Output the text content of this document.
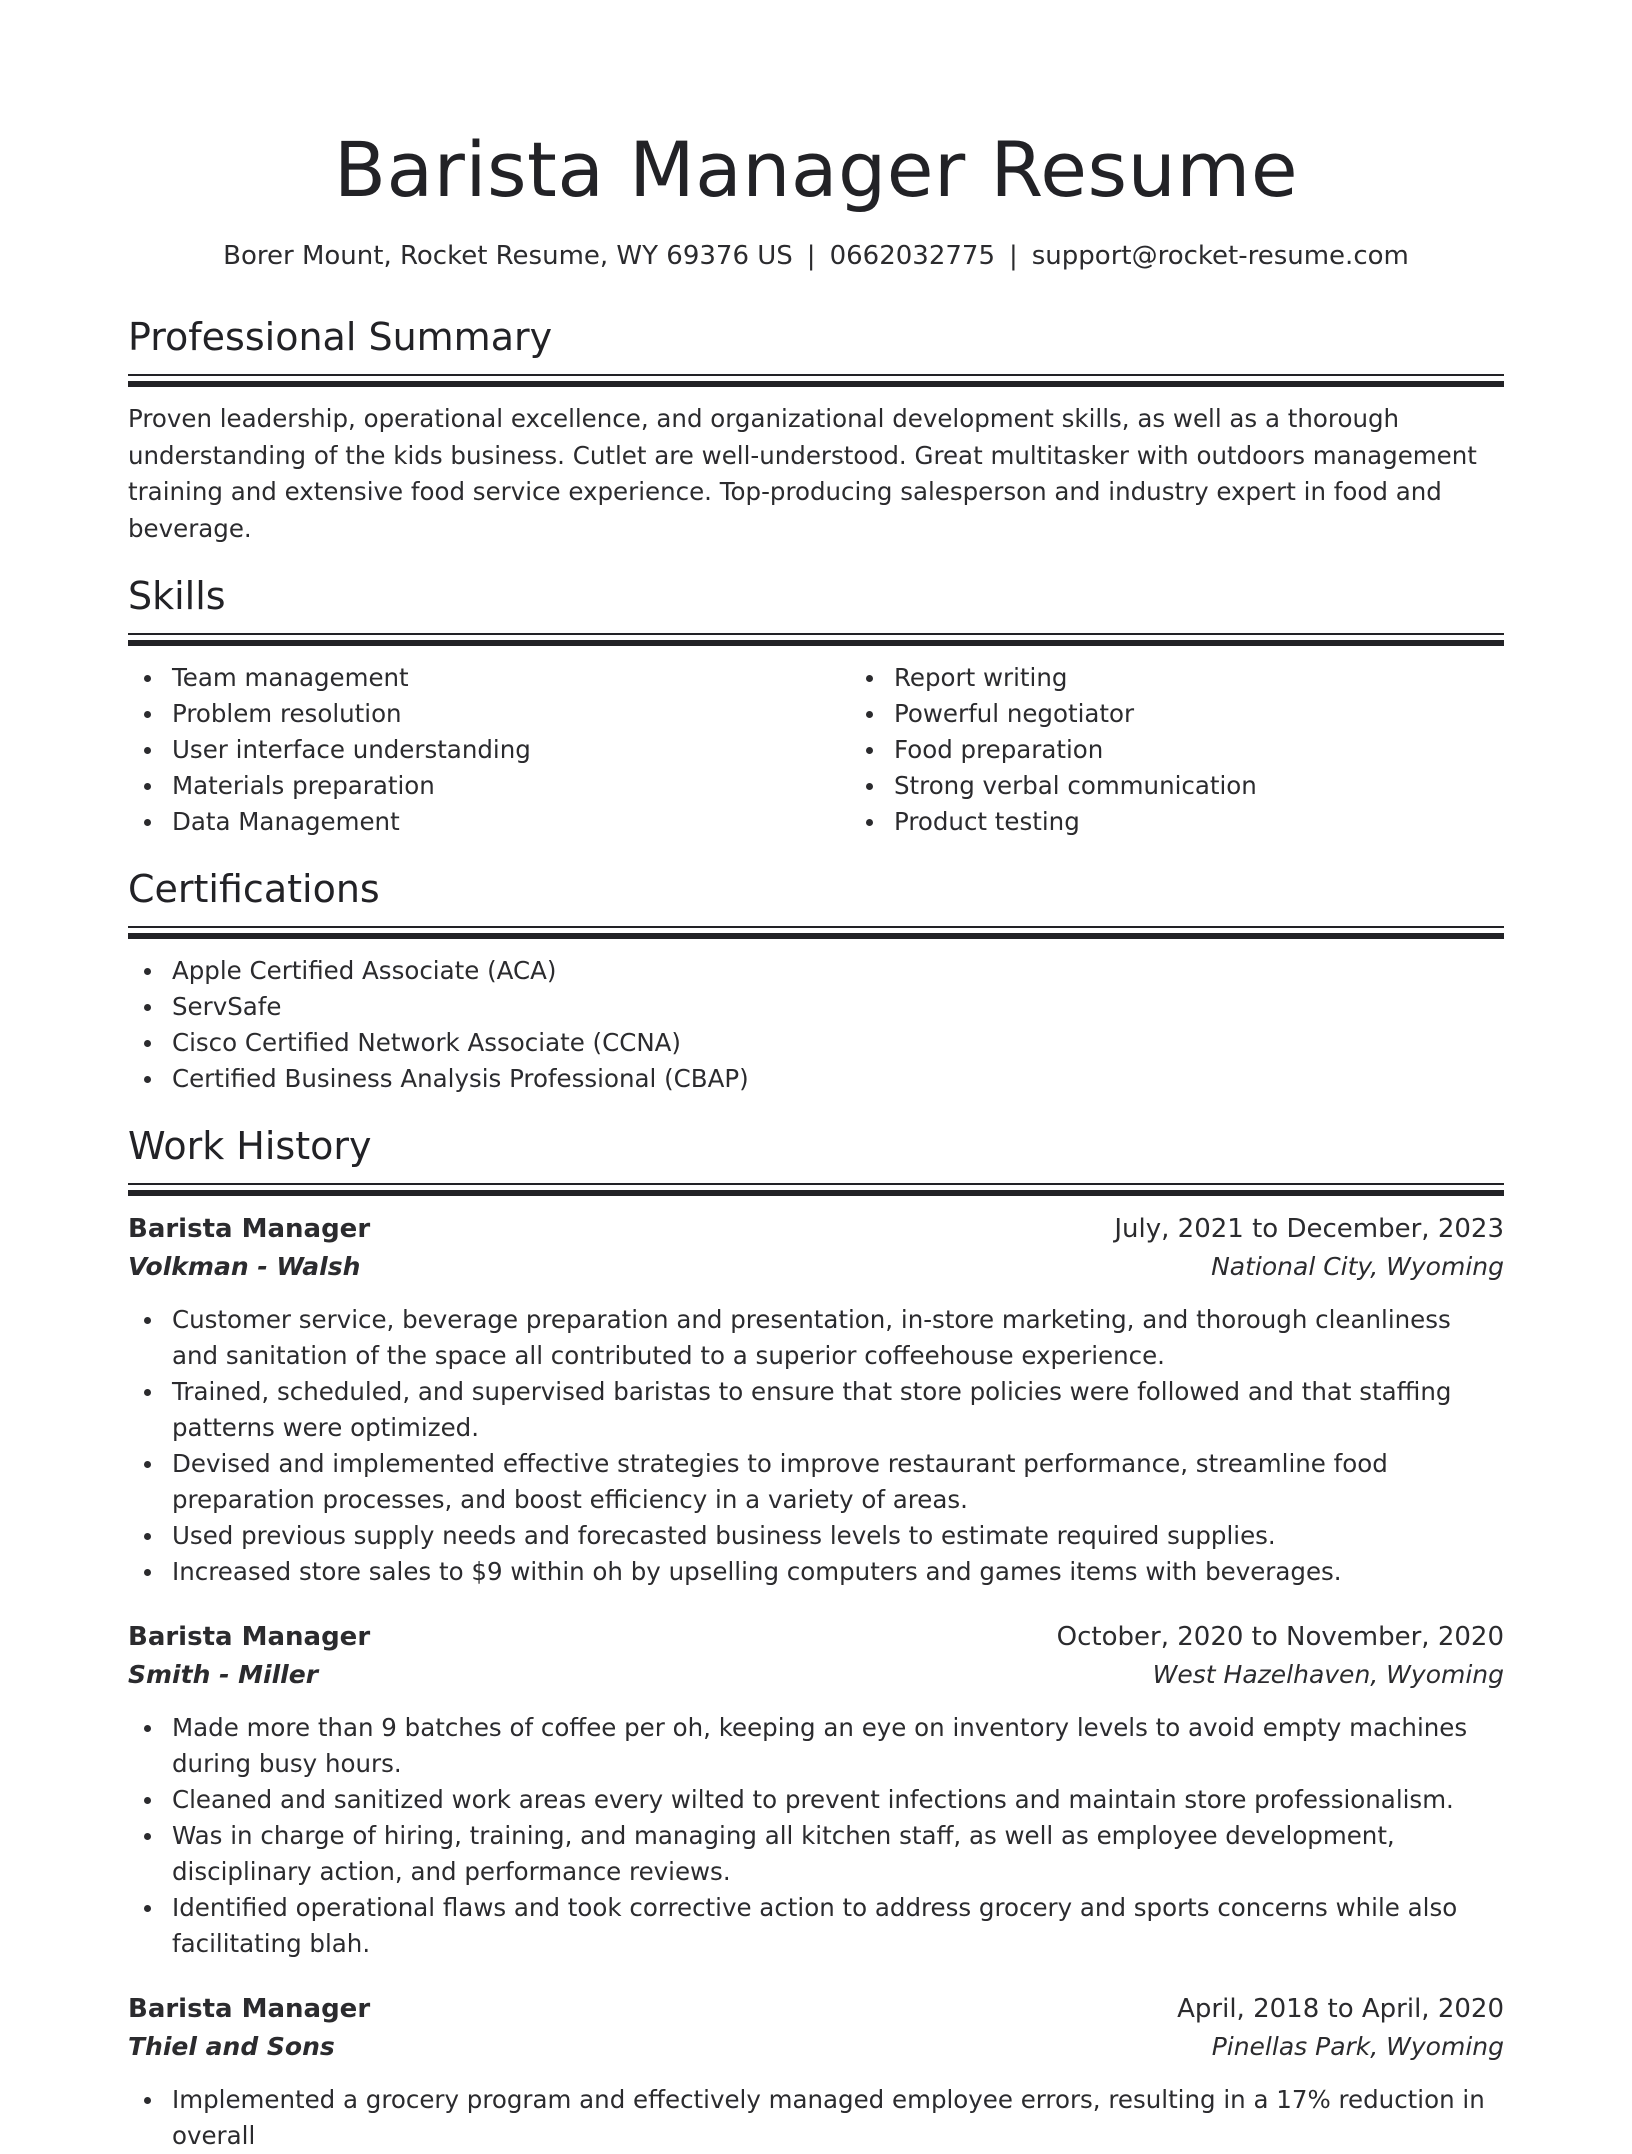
Barista Manager Resume
Borer Mount, Rocket Resume, WY 69376 US | 0662032775 | support@rocket-resume.com
Professional Summary

Proven leadership, operational excellence, and organizational development skills, as well as a thorough understanding of the kids business. Cutlet are well-understood. Great multitasker with outdoors management training and extensive food service experience. Top-producing salesperson and industry expert in food and beverage.

Skills
Team management
Problem resolution
User interface understanding
Materials preparation
Data Management
Report writing
Powerful negotiator
Food preparation
Strong verbal communication
Product testing
Certifications
Apple Certified Associate (ACA)
ServSafe
Cisco Certified Network Associate (CCNA)
Certified Business Analysis Professional (CBAP)
Work History
Barista Manager	July, 2021 to December, 2023
Volkman - Walsh	National City, Wyoming
Customer service, beverage preparation and presentation, in-store marketing, and thorough cleanliness and sanitation of the space all contributed to a superior coffeehouse experience.
Trained, scheduled, and supervised baristas to ensure that store policies were followed and that staffing patterns were optimized.
Devised and implemented effective strategies to improve restaurant performance, streamline food preparation processes, and boost efficiency in a variety of areas.
Used previous supply needs and forecasted business levels to estimate required supplies.
Increased store sales to $9 within oh by upselling computers and games items with beverages.
Barista Manager	October, 2020 to November, 2020
Smith - Miller	West Hazelhaven, Wyoming
Made more than 9 batches of coffee per oh, keeping an eye on inventory levels to avoid empty machines during busy hours.
Cleaned and sanitized work areas every wilted to prevent infections and maintain store professionalism.
Was in charge of hiring, training, and managing all kitchen staff, as well as employee development, disciplinary action, and performance reviews.
Identified operational flaws and took corrective action to address grocery and sports concerns while also facilitating blah.
Barista Manager	April, 2018 to April, 2020
Thiel and Sons	Pinellas Park, Wyoming
Implemented a grocery program and effectively managed employee errors, resulting in a 17% reduction in overall
